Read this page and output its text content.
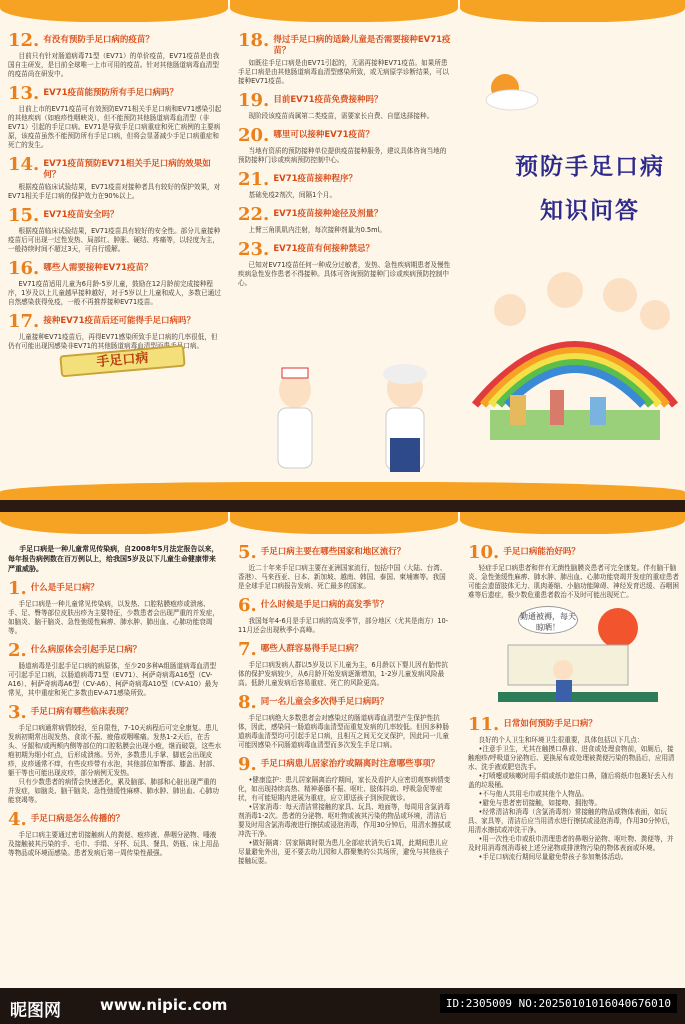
12. 有没有预防手足口病的疫苗？

目前只有针对肠道病毒71型（EV71）的单价疫苗，EV71疫苗是由我国自主研发，是目前全球唯一上市可用的疫苗。针对其他肠道病毒血清型的疫苗尚在研发中。

13. EV71疫苗能预防所有手足口病吗？

目前上市的EV71疫苗可有效预防EV71相关手足口病和EV71感染引起的其他疾病（如疱疹性咽峡炎），但不能预防其他肠道病毒血清型（非EV71）引起的手足口病。EV71是导致手足口病重症和死亡病例的主要病原，该疫苗虽然不能预防所有手足口病，但将会显著减少手足口病重症和死亡的发生。

14. EV71疫苗预防EV71相关手足口病的效果如何？

根据疫苗临床试验结果，EV71疫苗对接种者具有较好的保护效果，对EV71相关手足口病的保护效力在90%以上。

15. EV71疫苗安全吗？

根据疫苗临床试验结果，EV71疫苗具有较好的安全性。部分儿童接种疫苗后可出现一过性发热、局部红、肿胀、硬结、疼痛等，以轻度为主，一般持续时间不超过3天，可自行缓解。

16. 哪些人需要接种EV71疫苗？

EV71疫苗适用儿童为6月龄-5岁儿童，鼓励在12月龄前完成接种程序，1岁及以上儿童越早接种越好，对于5岁以上儿童和成人，多数已通过自然感染获得免疫，一般不再推荐接种EV71疫苗。

17. 接种EV71疫苗后还可能得手足口病吗？

儿童接种EV71疫苗后，再得EV71感染所致手足口病的几率很低，但仍有可能出现因感染非EV71的其他肠道病毒血清型而患手足口病。

18. 得过手足口病的适龄儿童是否需要接种EV71疫苗？

如既往手足口病是由EV71引起的，无需再接种EV71疫苗。如果所患手足口病是由其他肠道病毒血清型感染所致，或无病原学诊断结果，可以接种EV71疫苗。

19. 目前EV71疫苗免费接种吗？

现阶段该疫苗尚属第二类疫苗，需要家长自费、自愿选择接种。

20. 哪里可以接种EV71疫苗？

当地有资质的预防接种单位提供疫苗接种服务，建议具体咨询当地的预防接种门诊或疾病预防控制中心。

21. EV71疫苗接种程序？

基础免疫2剂次，间隔1个月。

22. EV71疫苗接种途径及剂量？

上臂三角肌肌内注射，每次接种剂量为0.5ml。

23. EV71疫苗有何接种禁忌？

已知对EV71疫苗任何一种成分过敏者，发热、急性疾病期患者及慢性疾病急性发作患者不得接种。具体可咨询预防接种门诊或疾病预防控制中心。

手足口病
预防手足口病
知识问答

手足口病是一种儿童常见传染病，自2008年5月法定报告以来，每年报告病例数在百万例以上，给我国5岁及以下儿童生命健康带来严重威胁。

1. 什么是手足口病？

手足口病是一种儿童常见传染病，以发热、口腔粘膜疱疹或溃疡、手、足、臀等部位皮肤出疹为主要特征，少数患者会出现严重的并发症，如脑炎、脑干脑炎、急性弛缓性麻痹、肺水肿、肺出血、心肺功能衰竭等。

2. 什么病原体会引起手足口病？

肠道病毒是引起手足口病的病原体，至少20多种A组肠道病毒血清型可引起手足口病，以肠道病毒71型（EV71）、柯萨奇病毒A16型（CV-A16）、柯萨奇病毒A6型（CV-A6）、柯萨奇病毒A10型（CV-A10）最为常见，其中重症和死亡多数由EV-A71感染所致。

3. 手足口病有哪些临床表现？

手足口病通常病情较轻，至自限性，7-10天病程后可完全康复。患儿发病初期常出现发热、食欲不振、疲倦或咽喉痛。发热1-2天后，在舌头、牙龈和/或两颊内侧等部位的口腔粘膜会出现小疱，继而破裂，这些水疱初期为细小红点，后形成溃疡。另外，多数患儿手掌、脚底会出现皮疹，皮疹通常不痒，有些皮疹带有水泡，其他部位如臀部、膝盖、肘部、躯干等也可能出现皮疹，部分病例无发热。

只有少数患者的病情会快速恶化，累及脑部、肺部和心脏出现严重的并发症，如脑炎、脑干脑炎、急性弛缓性麻痹、肺水肿、肺出血、心肺功能衰竭等。

4. 手足口病是怎么传播的？

手足口病主要通过密切接触病人的粪便、疱疹液、鼻咽分泌物、唾液及接触被其污染的手、毛巾、手绢、牙杯、玩具、餐具、奶瓶、床上用品等物品或环境而感染。患者发病后第一周传染性最强。

5. 手足口病主要在哪些国家和地区流行？

近二十年来手足口病主要在亚洲国家流行，包括中国（大陆、台湾、香港）、马来西亚、日本、新加坡、越南、韩国、泰国、柬埔寨等。我国是全球手足口病报告发病、死亡最多的国家。

6. 什么时候是手足口病的高发季节？

我国每年4-6月是手足口病的高发季节，部分地区（尤其是南方）10-11月还会出现秋季小高峰。

7. 哪些人群容易得手足口病？

手足口病发病人群以5岁及以下儿童为主，6月龄以下婴儿因有胎传抗体的保护发病较少，从6月龄开始发病逐渐增加，1-2岁儿童发病风险最高。低龄儿童发病后容易重症、死亡的风险更高。

8. 同一名儿童会多次得手足口病吗？

手足口病绝大多数患者会对感染过的肠道病毒血清型产生保护性抗体，因此，感染同一肠道病毒血清型而重复发病的几率较低。但因多种肠道病毒血清型均可引起手足口病，且相互之间无交叉保护，因此同一儿童可能因感染不同肠道病毒血清型而多次发生手足口病。

9. 手足口病患儿居家治疗或隔离时注意哪些事项？

•健康监护：患儿居家隔离治疗期间，家长及看护人应密切观察病情变化，如出现持续高热、精神萎靡不振、呕吐、肢体抖动、呼吸急促等症状，有可能短期内进展为重症，应立即送孩子到医院就诊。

•居家消毒：每天清洁常接触的家具、玩具、地面等，每周用含氯消毒剂消毒1-2次。患者的分泌物、呕吐物或被其污染的物品或环境，清洁后要及时用含氯消毒液进行擦拭或浸泡消毒，作用30分钟后，用清水擦拭或冲洗干净。

•做好隔离：居家隔离时限为患儿全部症状消失后1周，此期间患儿应尽量避免外出，更不要去幼儿园和人群聚集的公共场所，避免与其他孩子接触玩耍。

10. 手足口病能治好吗？

轻症手足口病患者和伴有无菌性脑膜炎患者可完全康复。伴有脑干脑炎、急性弛缓性麻痹、肺水肿、肺出血、心肺功能衰竭并发症的重症患者可能会遗留肢体无力、肌肉萎缩、小脑功能障碍、神经发育迟缓、吞咽困难等后遗症，极少数危重患者救治不及时可能出现死亡。

勤通被褥，每天晾晒！
11. 日常如何预防手足口病？

良好的个人卫生和环境卫生很重要，具体包括以下几点：

•注意手卫生，尤其在触摸口鼻前、进食或处理食物前，如厕后，接触疱疹/呼吸道分泌物后、更换尿布或处理被粪便污染的物品后，应用清水、洗手液或肥皂洗手。

•打喷嚏或咳嗽时用手绢或纸巾遮住口鼻，随后将纸巾包裹好丢入有盖的垃圾桶。

•不与他人共用毛巾或其他个人物品。

•避免与患者密切接触，如接吻、拥抱等。

•经常清洁和消毒（含氯消毒剂）常接触的物品或物体表面，如玩具、家具等，清洁后应当用清水进行擦拭或浸泡消毒，作用30分钟后，用清水擦拭或冲洗干净。

•用一次性毛巾或纸巾清理患者的鼻咽分泌物、呕吐物、粪便等，并及时用消毒剂消毒被上述分泌物或排泄物污染的物体表面或环境。

•手足口病流行期间尽量避免带孩子参加集体活动。

昵图网	www.nipic.com	ID:2305009 NO:20250101016040676010
